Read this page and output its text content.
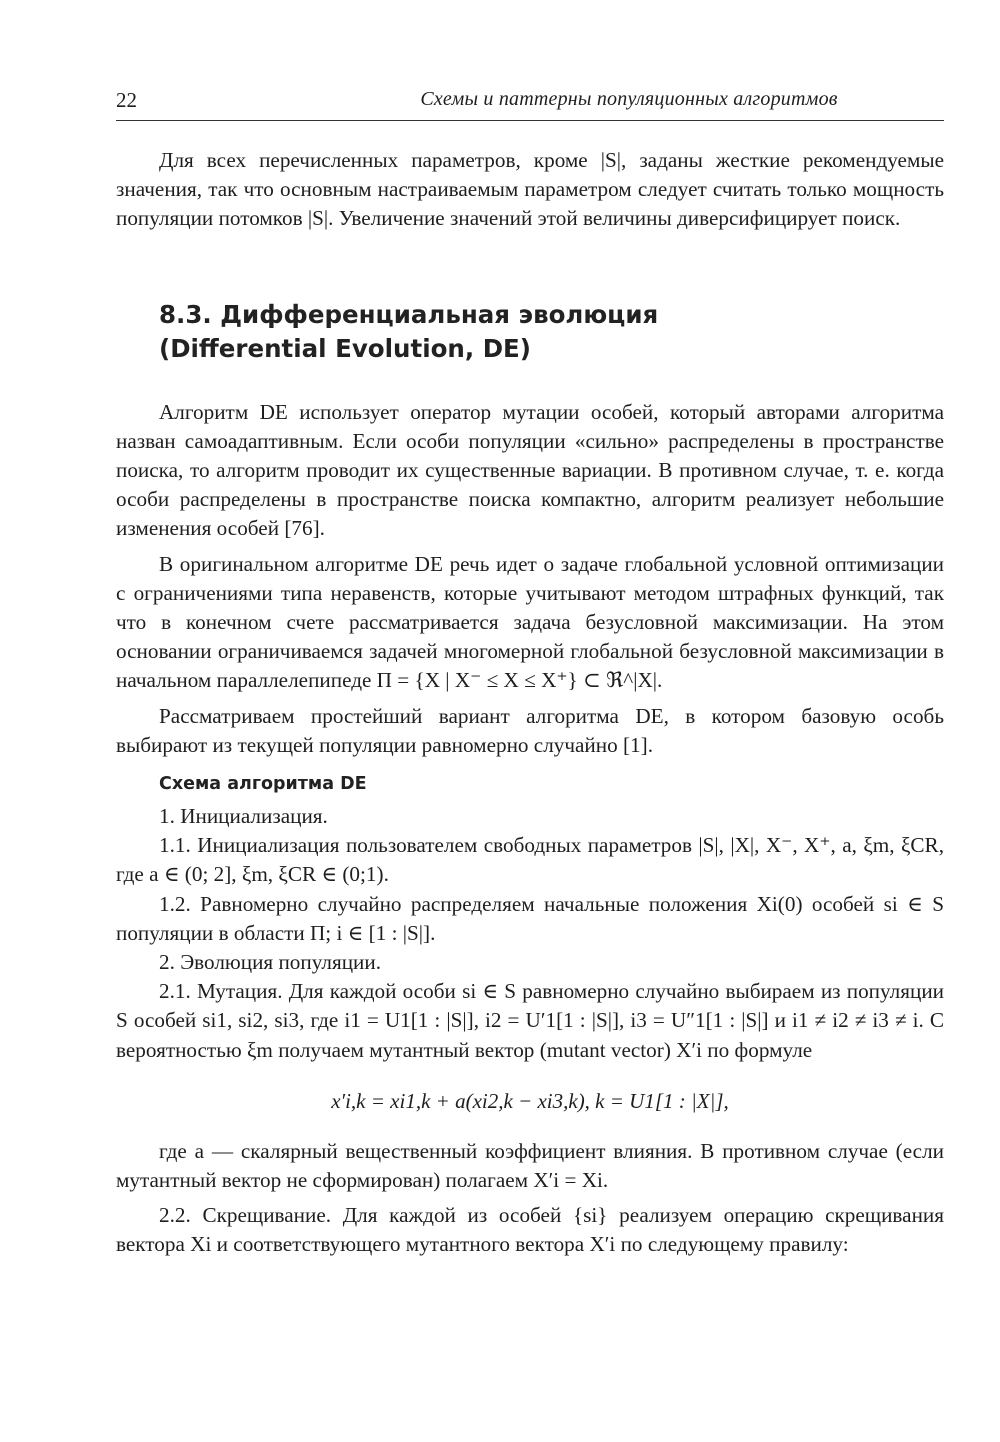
22	Схемы и паттерны популяционных алгоритмов

Для всех перечисленных параметров, кроме |S|, заданы жесткие рекомендуемые значения, так что основным настраиваемым параметром следует считать только мощность популяции потомков |S|. Увеличение значений этой величины диверсифицирует поиск.

8.3. Дифференциальная эволюция
(Differential Evolution, DE)

Алгоритм DE использует оператор мутации особей, который авторами алгоритма назван самоадаптивным. Если особи популяции «сильно» распределены в пространстве поиска, то алгоритм проводит их существенные вариации. В противном случае, т. е. когда особи распределены в пространстве поиска компактно, алгоритм реализует небольшие изменения особей [76].

В оригинальном алгоритме DE речь идет о задаче глобальной условной оптимизации с ограничениями типа неравенств, которые учитывают методом штрафных функций, так что в конечном счете рассматривается задача безусловной максимизации. На этом основании ограничиваемся задачей многомерной глобальной безусловной максимизации в начальном параллелепипеде Π = {X | X⁻ ≤ X ≤ X⁺} ⊂ ℜ^|X|.

Рассматриваем простейший вариант алгоритма DE, в котором базовую особь выбирают из текущей популяции равномерно случайно [1].

Схема алгоритма DE

1. Инициализация.

1.1. Инициализация пользователем свободных параметров |S|, |X|, X⁻, X⁺, a, ξm, ξCR, где a ∈ (0; 2], ξm, ξCR ∈ (0;1).

1.2. Равномерно случайно распределяем начальные положения Xi(0) особей si ∈ S популяции в области Π; i ∈ [1 : |S|].

2. Эволюция популяции.

2.1. Мутация. Для каждой особи si ∈ S равномерно случайно выбираем из популяции S особей si1, si2, si3, где i1 = U1[1 : |S|], i2 = U′1[1 : |S|], i3 = U″1[1 : |S|] и i1 ≠ i2 ≠ i3 ≠ i. С вероятностью ξm получаем мутантный вектор (mutant vector) X′i по формуле

x′i,k = xi1,k + a(xi2,k − xi3,k), k = U1[1 : |X|],

где a — скалярный вещественный коэффициент влияния. В противном случае (если мутантный вектор не сформирован) полагаем X′i = Xi.

2.2. Скрещивание. Для каждой из особей {si} реализуем операцию скрещивания вектора Xi и соответствующего мутантного вектора X′i по следующему правилу:
